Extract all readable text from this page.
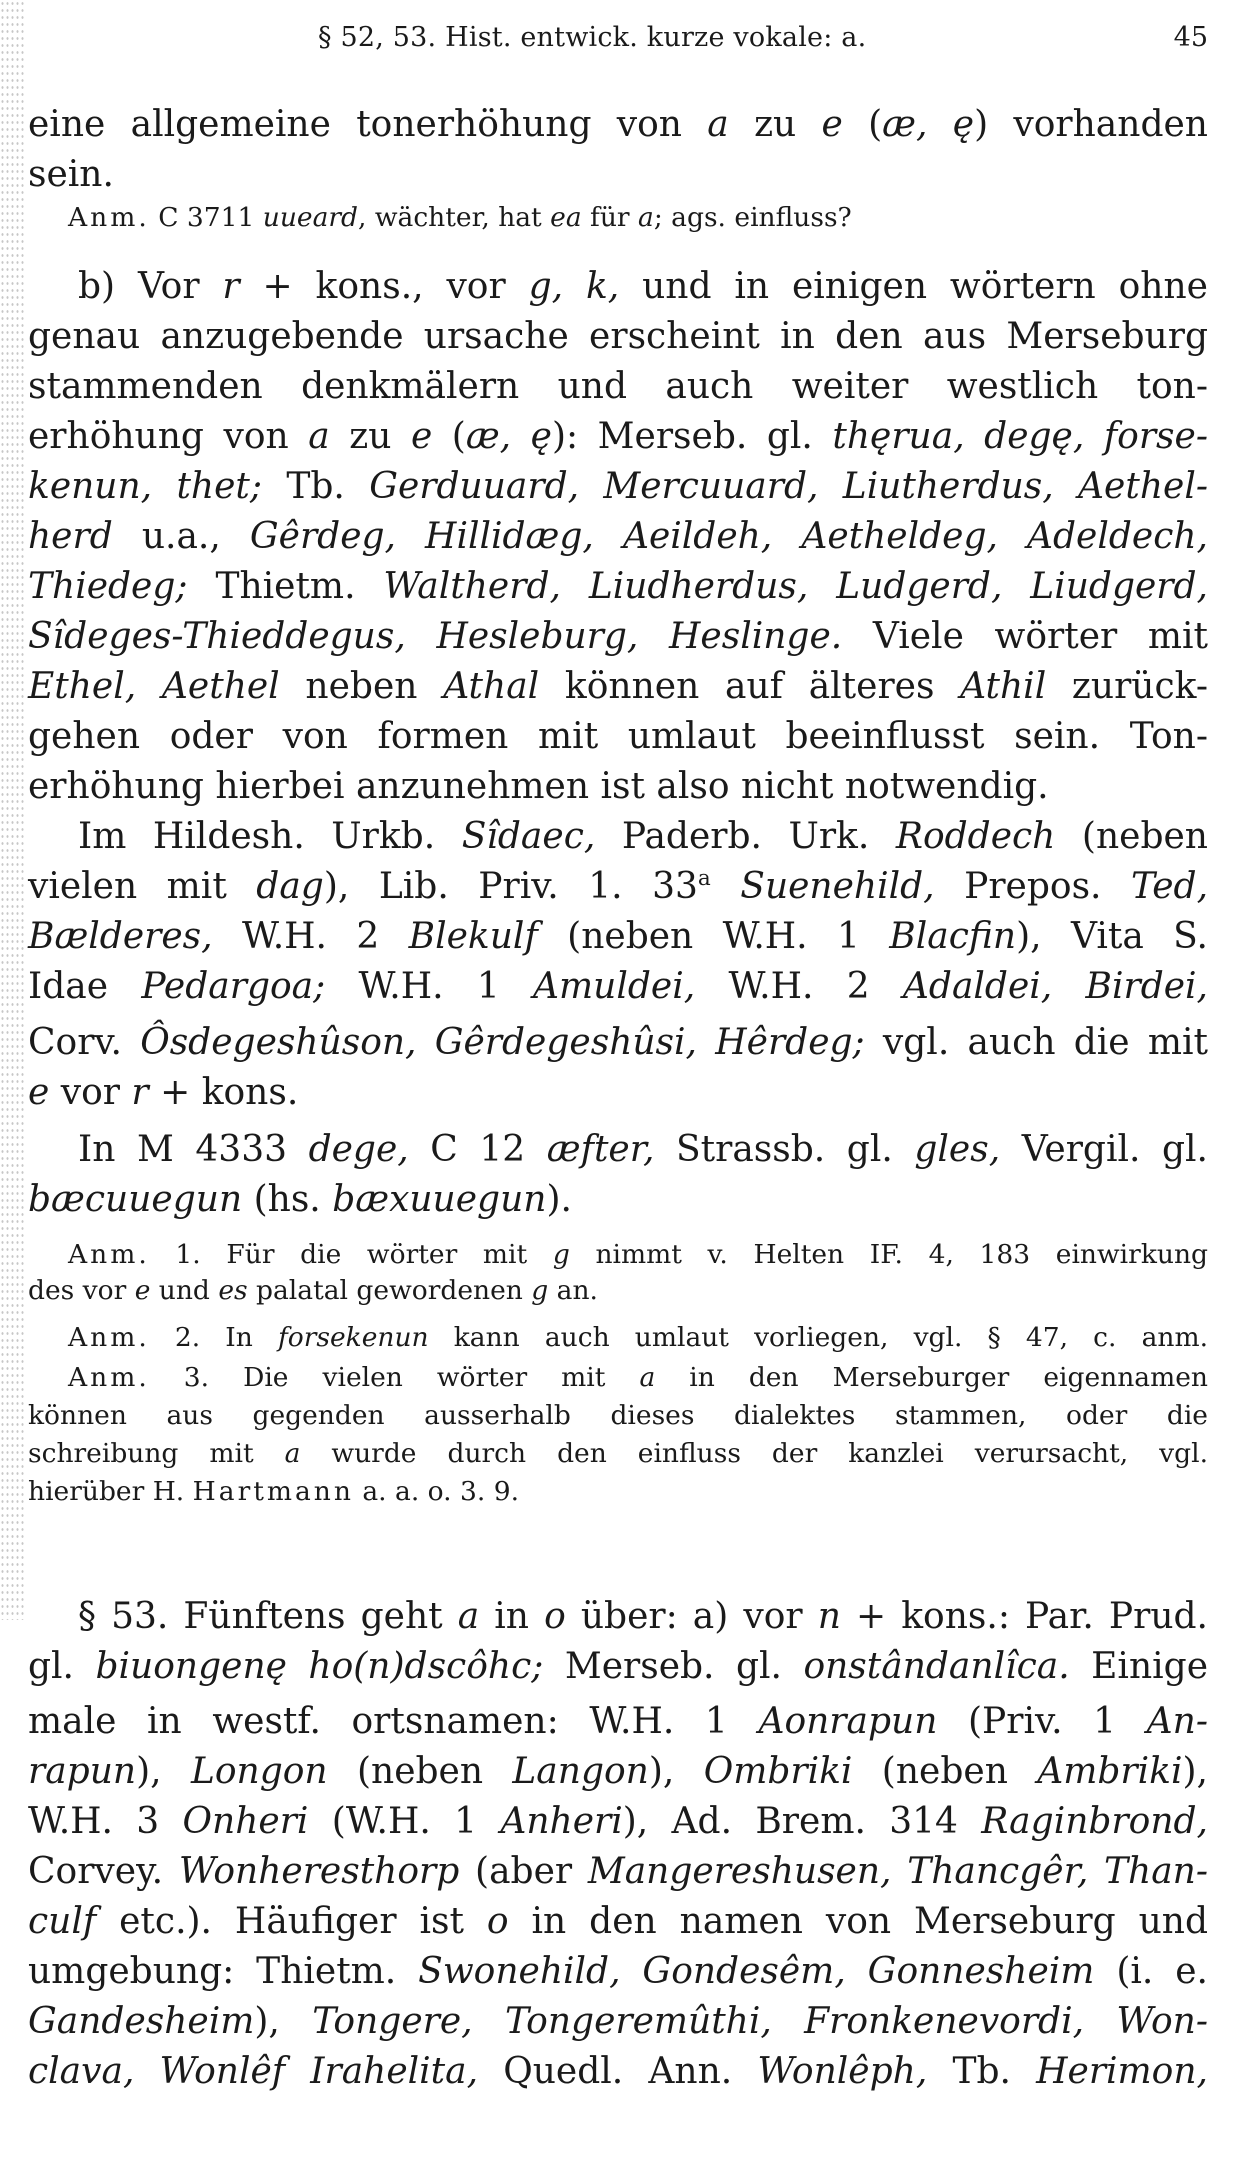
§ 52, 53. Hist. entwick. kurze vokale: a.	45
eine allgemeine tonerhöhung von a zu e (æ, ę) vorhanden
sein.
Anm. C 3711 uueard, wächter, hat ea für a; ags. einfluss?
b) Vor r + kons., vor g, k, und in einigen wörtern ohne
genau anzugebende ursache erscheint in den aus Merseburg
stammenden denkmälern und auch weiter westlich ton-
erhöhung von a zu e (æ, ę): Merseb. gl. thęrua, degę, forse-
kenun, thet; Tb. Gerduuard, Mercuuard, Liutherdus, Aethel-
herd u.a., Gêrdeg, Hillidæg, Aeildeh, Aetheldeg, Adeldech,
Thiedeg; Thietm. Waltherd, Liudherdus, Ludgerd, Liudgerd,
Sîdeges-Thieddegus, Hesleburg, Heslinge. Viele wörter mit
Ethel, Aethel neben Athal können auf älteres Athil zurück-
gehen oder von formen mit umlaut beeinflusst sein. Ton-
erhöhung hierbei anzunehmen ist also nicht notwendig.
Im Hildesh. Urkb. Sîdaec, Paderb. Urk. Roddech (neben
vielen mit dag), Lib. Priv. 1. 33$^a$ Suenehild, Prepos. Ted,
Bælderes, W.H. 2 Blekulf (neben W.H. 1 Blacfin), Vita S.
Idae Pedargoa; W.H. 1 Amuldei, W.H. 2 Adaldei, Birdei,
Corv. Ôsdegeshûson, Gêrdegeshûsi, Hêrdeg; vgl. auch die mit
e vor r + kons.
In M 4333 dege, C 12 æfter, Strassb. gl. gles, Vergil. gl.
bæcuuegun (hs. bæxuuegun).
Anm. 1. Für die wörter mit g nimmt v. Helten IF. 4, 183 einwirkung
des vor e und es palatal gewordenen g an.
Anm. 2. In forsekenun kann auch umlaut vorliegen, vgl. § 47, c. anm.
Anm. 3. Die vielen wörter mit a in den Merseburger eigennamen
können aus gegenden ausserhalb dieses dialektes stammen, oder die
schreibung mit a wurde durch den einfluss der kanzlei verursacht, vgl.
hierüber H. Hartmann a. a. o. 3. 9.
§ 53. Fünftens geht a in o über: a) vor n + kons.: Par. Prud.
gl. biuongenę ho(n)dscôhc; Merseb. gl. onstândanlîca. Einige
male in westf. ortsnamen: W.H. 1 Aonrapun (Priv. 1 An-
rapun), Longon (neben Langon), Ombriki (neben Ambriki),
W.H. 3 Onheri (W.H. 1 Anheri), Ad. Brem. 314 Raginbrond,
Corvey. Wonheresthorp (aber Mangereshusen, Thancgêr, Than-
culf etc.). Häufiger ist o in den namen von Merseburg und
umgebung: Thietm. Swonehild, Gondesêm, Gonnesheim (i. e.
Gandesheim), Tongere, Tongeremûthi, Fronkenevordi, Won-
clava, Wonlêf Irahelita, Quedl. Ann. Wonlêph, Tb. Herimon,
